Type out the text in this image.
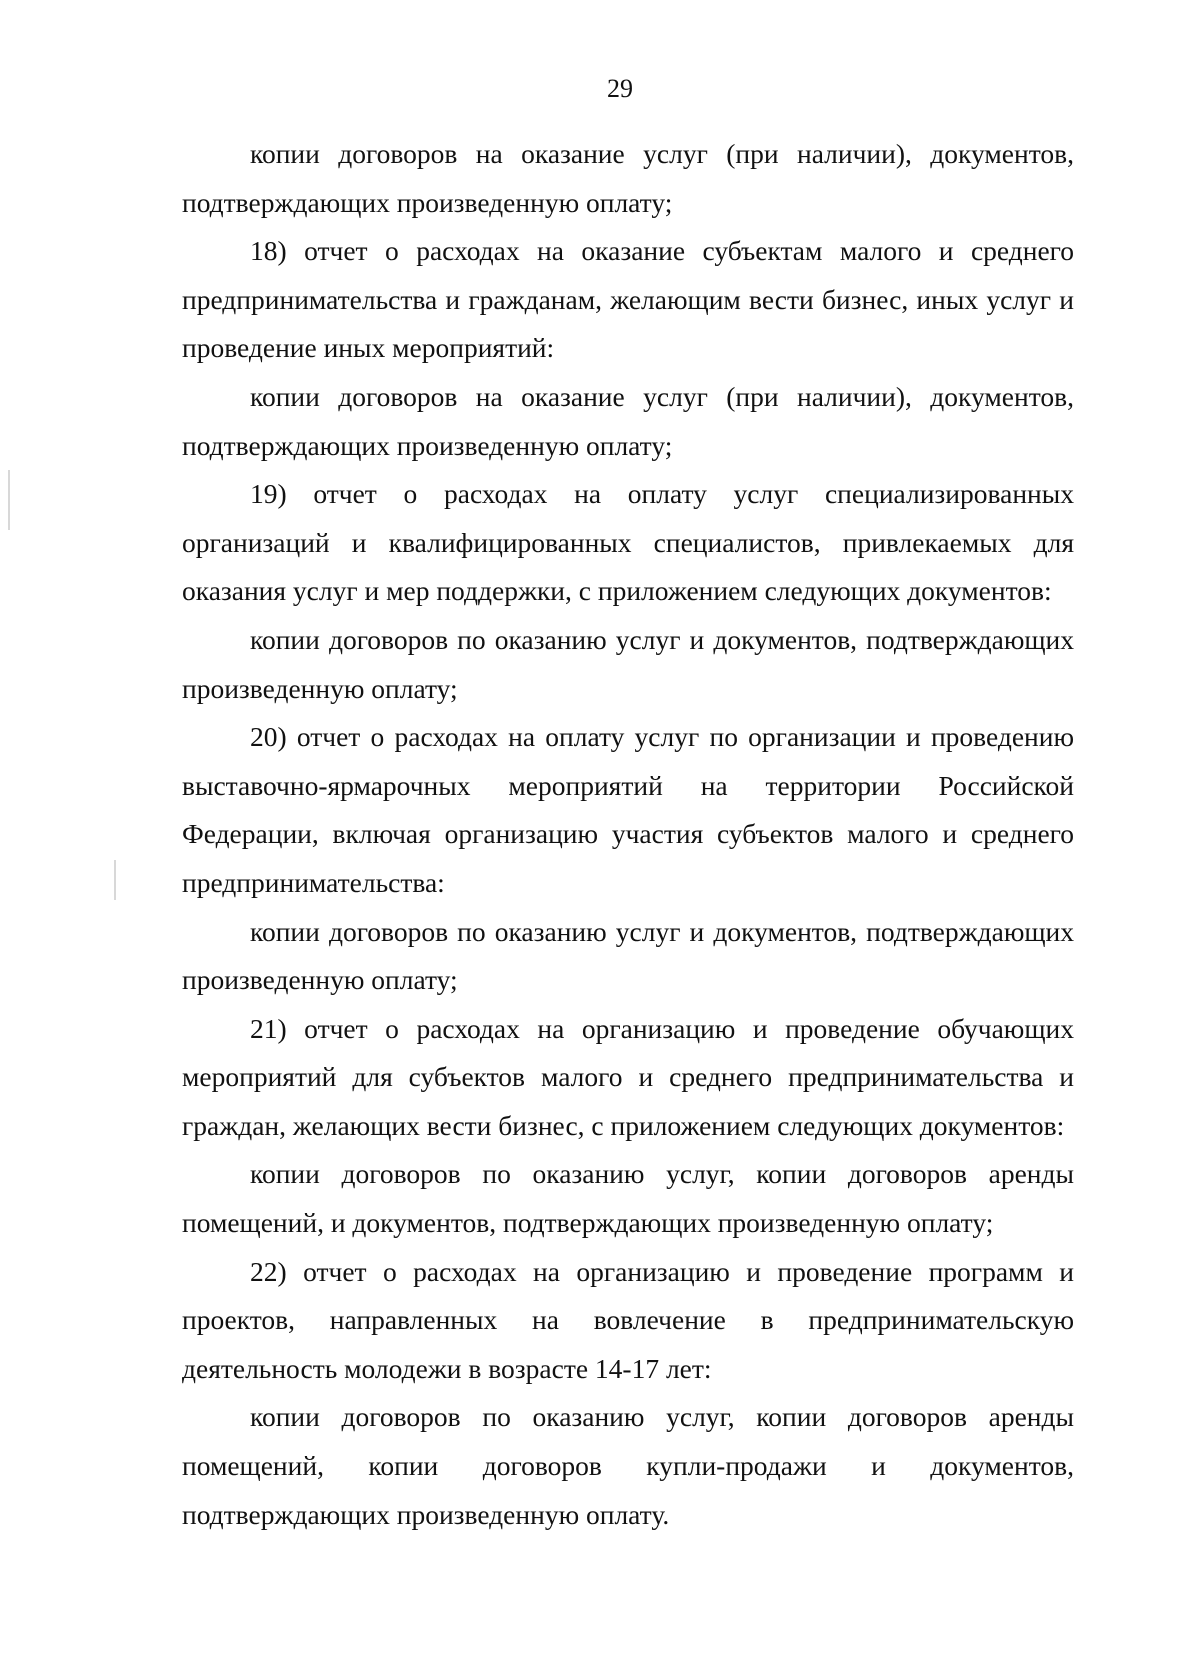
29

копии договоров на оказание услуг (при наличии), документов, подтверждающих произведенную оплату;

18) отчет о расходах на оказание субъектам малого и среднего предпринимательства и гражданам, желающим вести бизнес, иных услуг и проведение иных мероприятий:

копии договоров на оказание услуг (при наличии), документов, подтверждающих произведенную оплату;

19) отчет о расходах на оплату услуг специализированных организаций и квалифицированных специалистов, привлекаемых для оказания услуг и мер поддержки, с приложением следующих документов:

копии договоров по оказанию услуг и документов, подтверждающих произведенную оплату;

20) отчет о расходах на оплату услуг по организации и проведению выставочно-ярмарочных мероприятий на территории Российской Федерации, включая организацию участия субъектов малого и среднего предпринимательства:

копии договоров по оказанию услуг и документов, подтверждающих произведенную оплату;

21) отчет о расходах на организацию и проведение обучающих мероприятий для субъектов малого и среднего предпринимательства и граждан, желающих вести бизнес, с приложением следующих документов:

копии договоров по оказанию услуг, копии договоров аренды помещений, и документов, подтверждающих произведенную оплату;

22) отчет о расходах на организацию и проведение программ и проектов, направленных на вовлечение в предпринимательскую деятельность молодежи в возрасте 14-17 лет:

копии договоров по оказанию услуг, копии договоров аренды помещений, копии договоров купли-продажи и документов, подтверждающих произведенную оплату.
